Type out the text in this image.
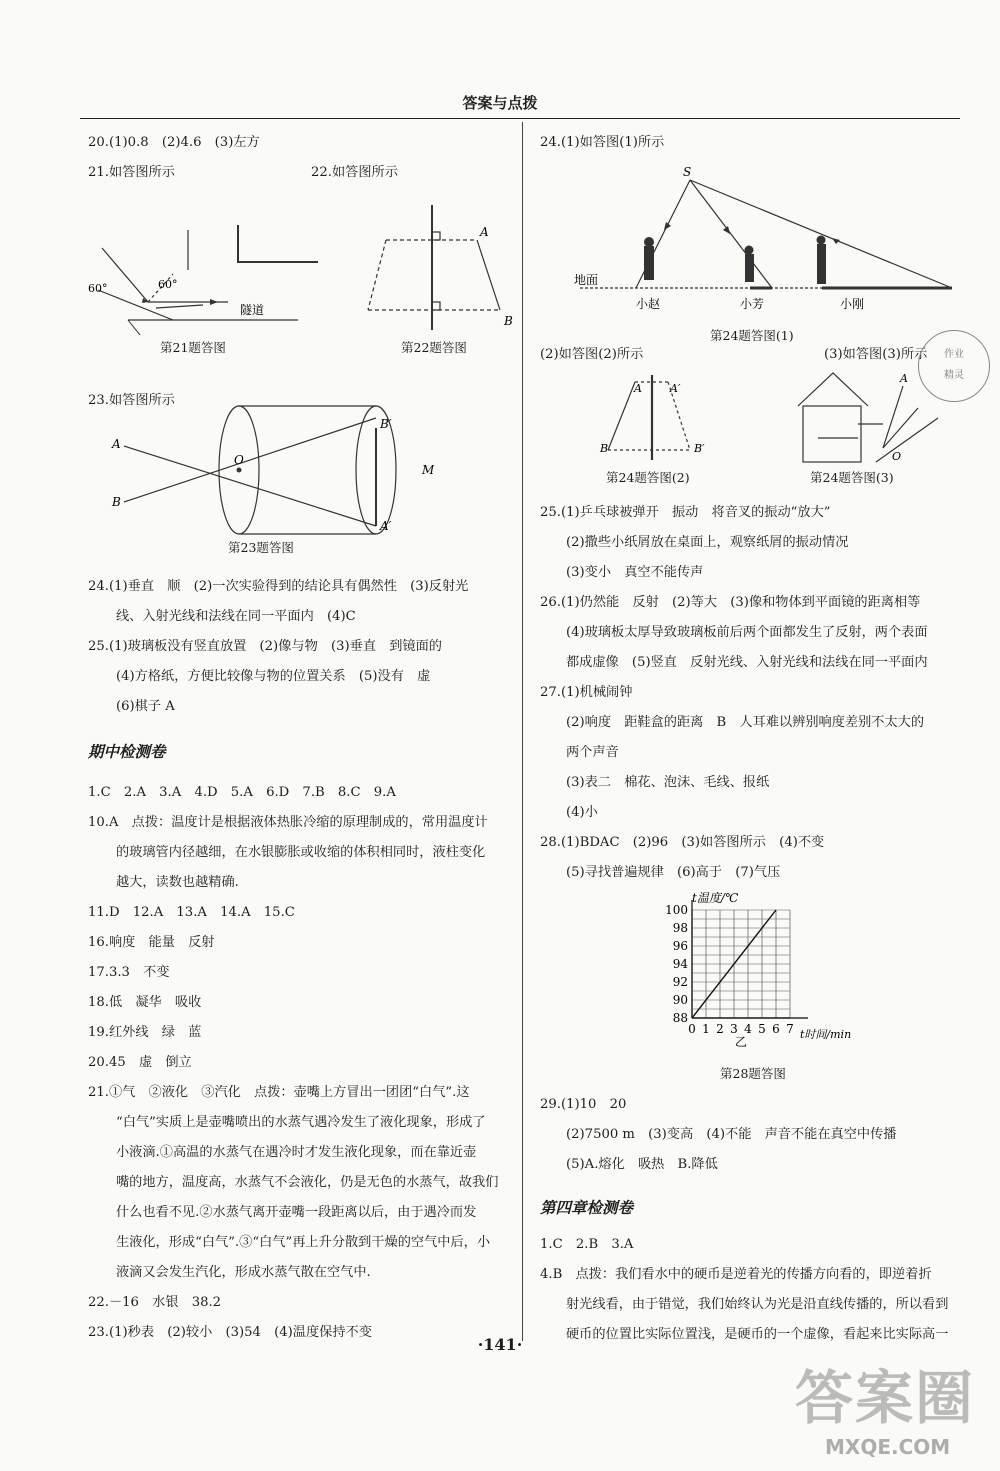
答案与点拨
20.(1)0.8　(2)4.6　(3)左方
21.如答图所示	22.如答图所示
60°	60°
隧道
第21题答图
A
B
第22题答图
23.如答图所示
A
B
O
B′
A′
M
第23题答图
24.(1)垂直　顺　(2)一次实验得到的结论具有偶然性　(3)反射光
线、入射光线和法线在同一平面内　(4)C
25.(1)玻璃板没有竖直放置　(2)像与物　(3)垂直　到镜面的
(4)方格纸，方便比较像与物的位置关系　(5)没有　虚
(6)棋子 A
期中检测卷
1.C　2.A　3.A　4.D　5.A　6.D　7.B　8.C　9.A
10.A　点拨：温度计是根据液体热胀冷缩的原理制成的，常用温度计
的玻璃管内径越细，在水银膨胀或收缩的体积相同时，液柱变化
越大，读数也越精确.
11.D　12.A　13.A　14.A　15.C
16.响度　能量　反射
17.3.3　不变
18.低　凝华　吸收
19.红外线　绿　蓝
20.45　虚　倒立
21.①气　②液化　③汽化　点拨：壶嘴上方冒出一团团“白气”.这
“白气”实质上是壶嘴喷出的水蒸气遇冷发生了液化现象，形成了
小液滴.①高温的水蒸气在遇冷时才发生液化现象，而在靠近壶
嘴的地方，温度高，水蒸气不会液化，仍是无色的水蒸气，故我们
什么也看不见.②水蒸气离开壶嘴一段距离以后，由于遇冷而发
生液化，形成“白气”.③“白气”再上升分散到干燥的空气中后，小
液滴又会发生汽化，形成水蒸气散在空气中.
22.－16　水银　38.2
23.(1)秒表　(2)较小　(3)54　(4)温度保持不变
24.(1)如答图(1)所示
S
地面
小赵	小芳	小刚
第24题答图(1)
(2)如答图(2)所示	(3)如答图(3)所示
A	A′
B	B′
第24题答图(2)
A
O
第24题答图(3)
25.(1)乒乓球被弹开　振动　将音叉的振动“放大”
(2)撒些小纸屑放在桌面上，观察纸屑的振动情况
(3)变小　真空不能传声
26.(1)仍然能　反射　(2)等大　(3)像和物体到平面镜的距离相等
(4)玻璃板太厚导致玻璃板前后两个面都发生了反射，两个表面
都成虚像　(5)竖直　反射光线、入射光线和法线在同一平面内
27.(1)机械闹钟
(2)响度　距鞋盒的距离　B　人耳难以辨别响度差别不太大的
两个声音
(3)表二　棉花、泡沫、毛线、报纸
(4)小
28.(1)BDAC　(2)96　(3)如答图所示　(4)不变
(5)寻找普遍规律　(6)高于　(7)气压
88
90
92
94
96
98
100
0 1 2 3 4 5 6 7
t温度/℃
t时间/min
乙
第28题答图
29.(1)10　20
(2)7500 m　(3)变高　(4)不能　声音不能在真空中传播
(5)A.熔化　吸热　B.降低
第四章检测卷
1.C　2.B　3.A
4.B　点拨：我们看水中的硬币是逆着光的传播方向看的，即逆着折
射光线看，由于错觉，我们始终认为光是沿直线传播的，所以看到
硬币的位置比实际位置浅，是硬币的一个虚像，看起来比实际高一
·141·
作业
精灵
答案圈
MXQE.COM
